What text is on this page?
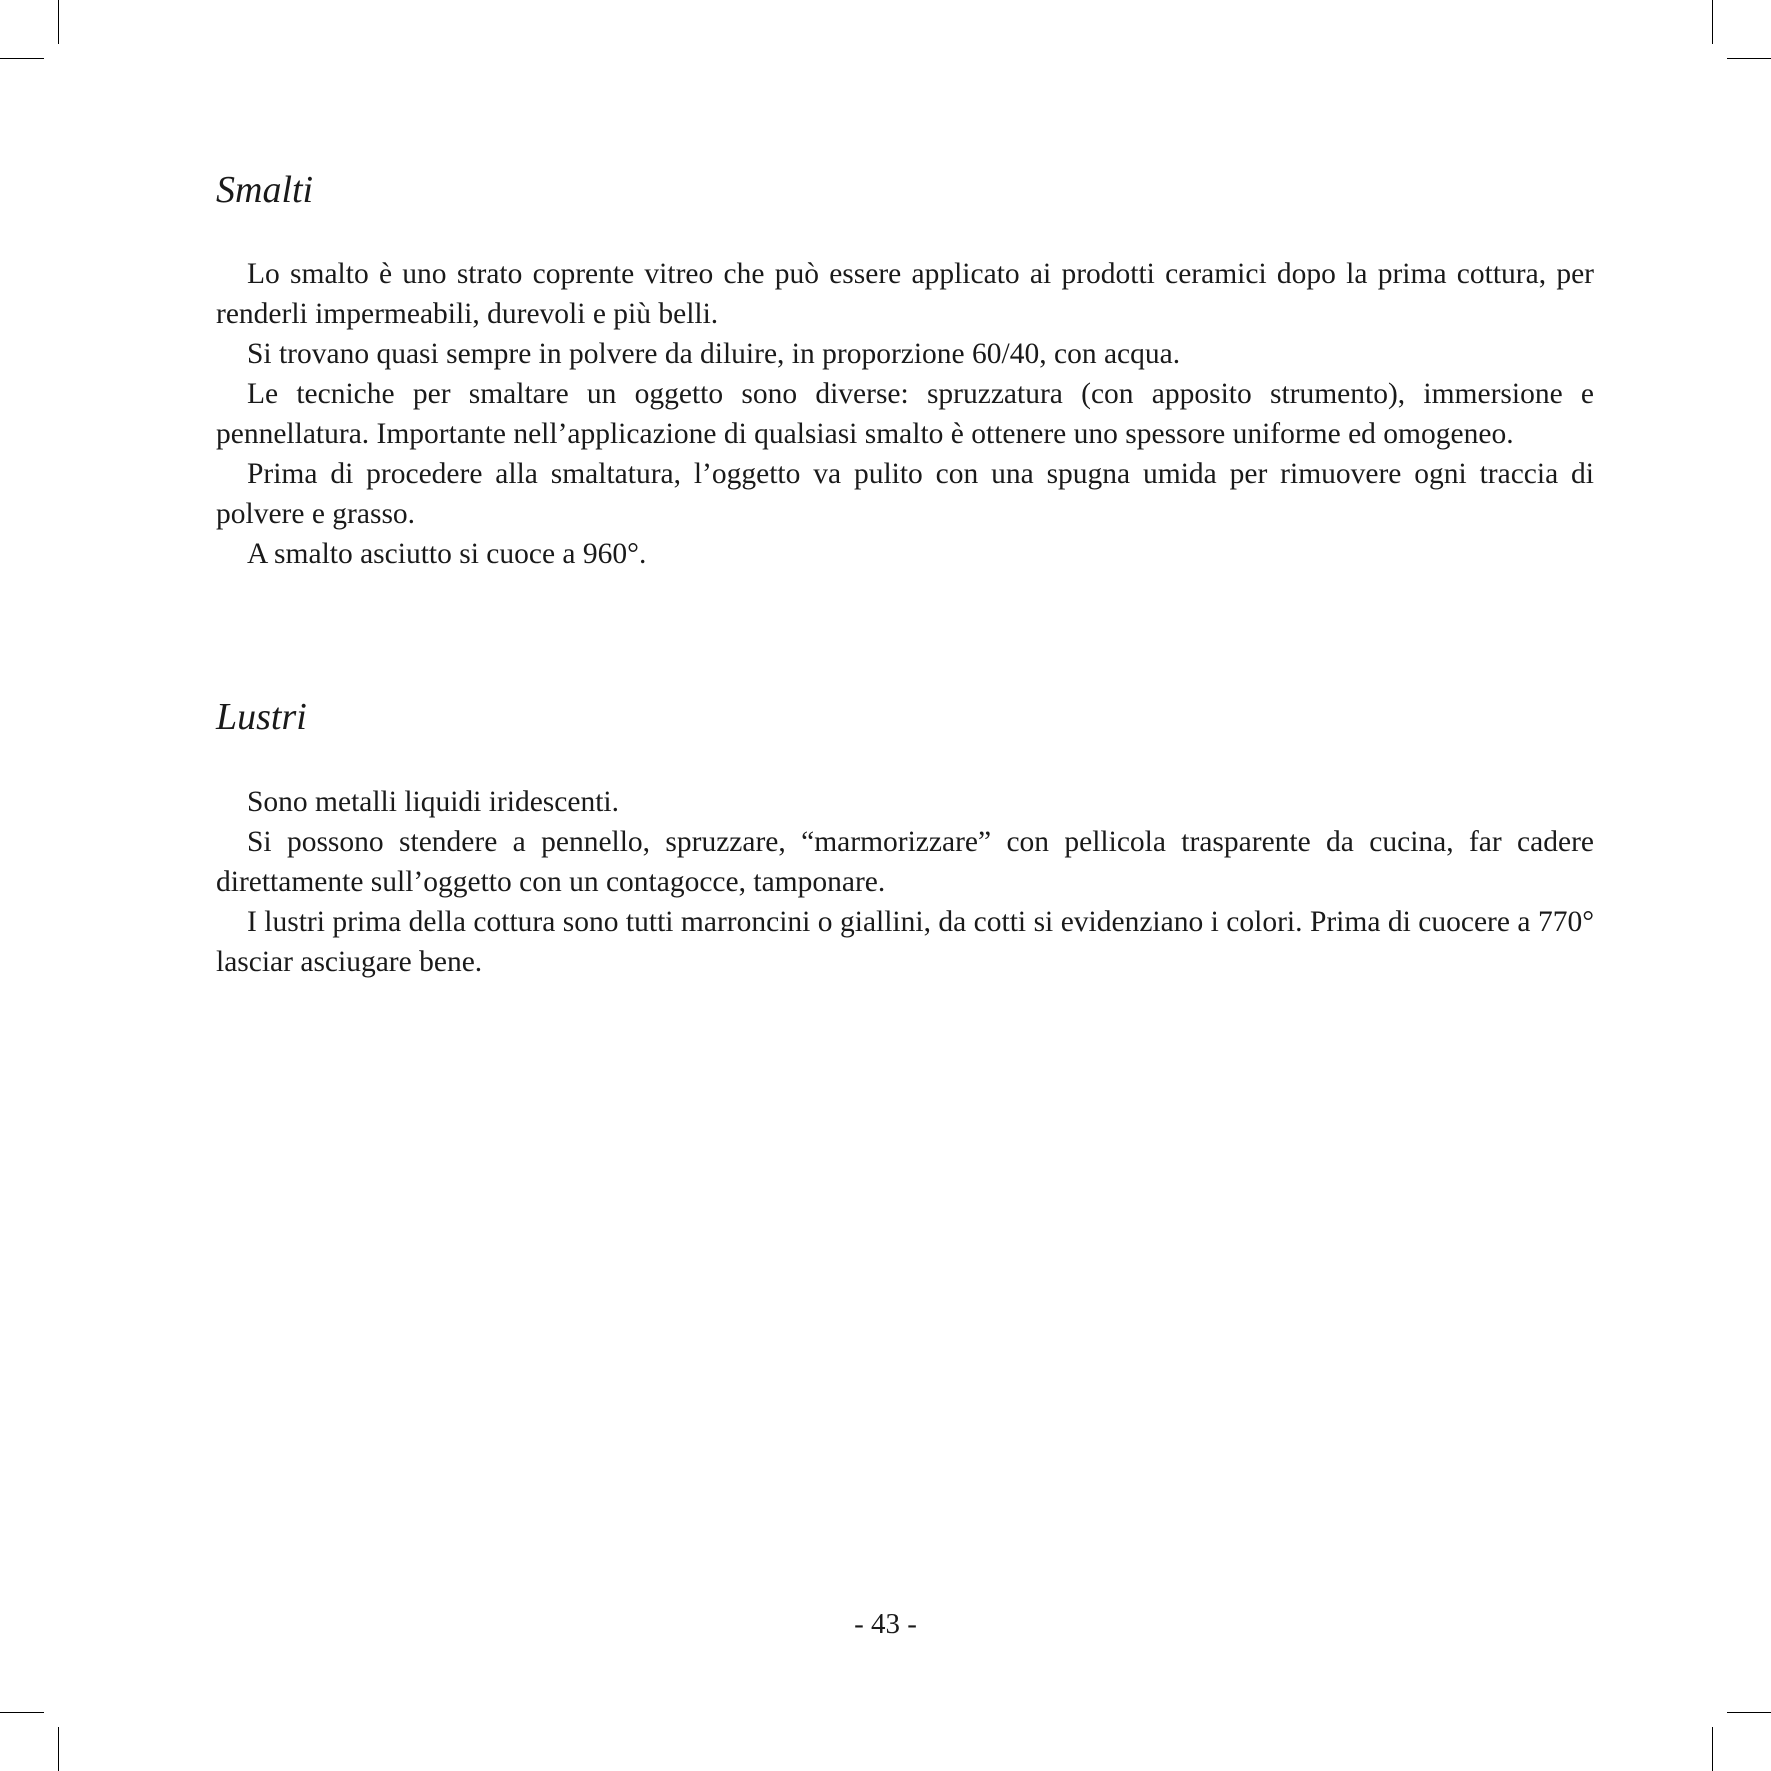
Smalti

Lo smalto è uno strato coprente vitreo che può essere applicato ai prodotti ceramici dopo la prima cottura, per renderli impermeabili, durevoli e più belli.

Si trovano quasi sempre in polvere da diluire, in proporzione 60/40, con acqua.

Le tecniche per smaltare un oggetto sono diverse: spruzzatura (con apposito strumento), immersione e pennellatura. Importante nell’applicazione di qualsiasi smalto è ottenere uno spessore uniforme ed omogeneo.

Prima di procedere alla smaltatura, l’oggetto va pulito con una spugna umida per rimuovere ogni traccia di polvere e grasso.

A smalto asciutto si cuoce a 960°.

Lustri

Sono metalli liquidi iridescenti.

Si possono stendere a pennello, spruzzare, “marmorizzare” con pellicola trasparente da cucina, far cadere direttamente sull’oggetto con un contagocce, tamponare.

I lustri prima della cottura sono tutti marroncini o giallini, da cotti si evidenziano i colori. Prima di cuocere a 770° lasciar asciugare bene.

- 43 -
